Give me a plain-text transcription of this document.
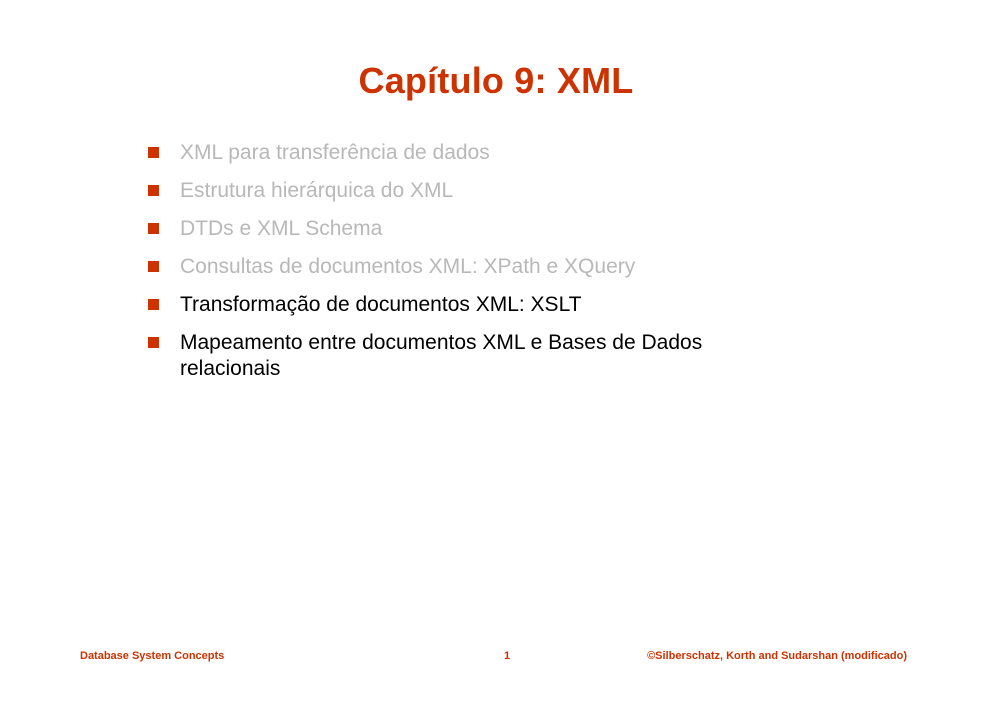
Capítulo 9: XML
XML para transferência de dados
Estrutura hierárquica do XML
DTDs e XML Schema
Consultas de documentos XML: XPath e XQuery
Transformação de documentos XML: XSLT
Mapeamento entre documentos XML e Bases de Dados relacionais
Database System Concepts	1	©Silberschatz, Korth and Sudarshan (modificado)
